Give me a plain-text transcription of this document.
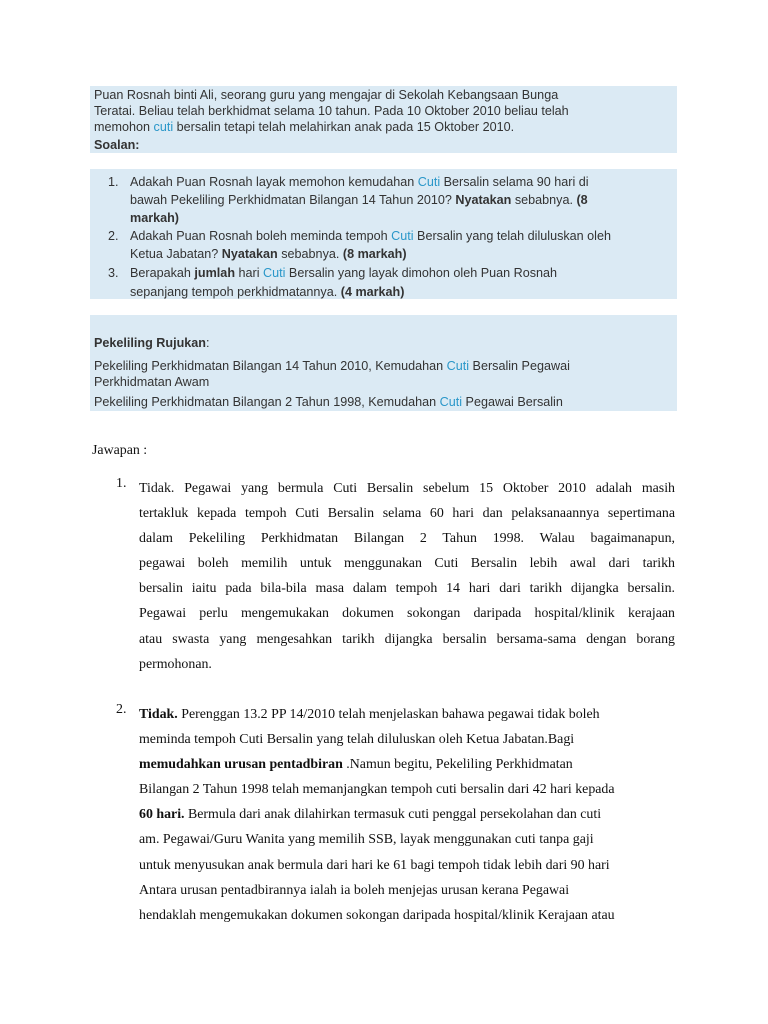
Puan Rosnah binti Ali, seorang guru yang mengajar di Sekolah Kebangsaan Bunga

Teratai. Beliau telah berkhidmat selama 10 tahun. Pada 10 Oktober 2010 beliau telah

memohon cuti bersalin tetapi telah melahirkan anak pada 15 Oktober 2010.

Soalan:

1. Adakah Puan Rosnah layak memohon kemudahan Cuti Bersalin selama 90 hari di

bawah Pekeliling Perkhidmatan Bilangan 14 Tahun 2010? Nyatakan sebabnya. (8

markah)

2. Adakah Puan Rosnah boleh meminda tempoh Cuti Bersalin yang telah diluluskan oleh

Ketua Jabatan? Nyatakan sebabnya. (8 markah)

3. Berapakah jumlah hari Cuti Bersalin yang layak dimohon oleh Puan Rosnah

sepanjang tempoh perkhidmatannya. (4 markah)

Pekeliling Rujukan:

Pekeliling Perkhidmatan Bilangan 14 Tahun 2010, Kemudahan Cuti Bersalin Pegawai

Perkhidmatan Awam

Pekeliling Perkhidmatan Bilangan 2 Tahun 1998, Kemudahan Cuti Pegawai Bersalin

Jawapan :
1. Tidak. Pegawai yang bermula Cuti Bersalin sebelum 15 Oktober 2010 adalah masih
tertakluk kepada tempoh Cuti Bersalin selama 60 hari dan pelaksanaannya sepertimana
dalam Pekeliling Perkhidmatan Bilangan 2 Tahun 1998. Walau bagaimanapun,
pegawai boleh memilih untuk menggunakan Cuti Bersalin lebih awal dari tarikh
bersalin iaitu pada bila-bila masa dalam tempoh 14 hari dari tarikh dijangka bersalin.
Pegawai perlu mengemukakan dokumen sokongan daripada hospital/klinik kerajaan
atau swasta yang mengesahkan tarikh dijangka bersalin bersama-sama dengan borang
permohonan.
2. Tidak. Perenggan 13.2 PP 14/2010 telah menjelaskan bahawa pegawai tidak boleh
meminda tempoh Cuti Bersalin yang telah diluluskan oleh Ketua Jabatan.Bagi
memudahkan urusan pentadbiran .Namun begitu, Pekeliling Perkhidmatan
Bilangan 2 Tahun 1998 telah memanjangkan tempoh cuti bersalin dari 42 hari kepada
60 hari. Bermula dari anak dilahirkan termasuk cuti penggal persekolahan dan cuti
am. Pegawai/Guru Wanita yang memilih SSB, layak menggunakan cuti tanpa gaji
untuk menyusukan anak bermula dari hari ke 61 bagi tempoh tidak lebih dari 90 hari
Antara urusan pentadbirannya ialah ia boleh menjejas urusan kerana Pegawai
hendaklah mengemukakan dokumen sokongan daripada hospital/klinik Kerajaan atau
